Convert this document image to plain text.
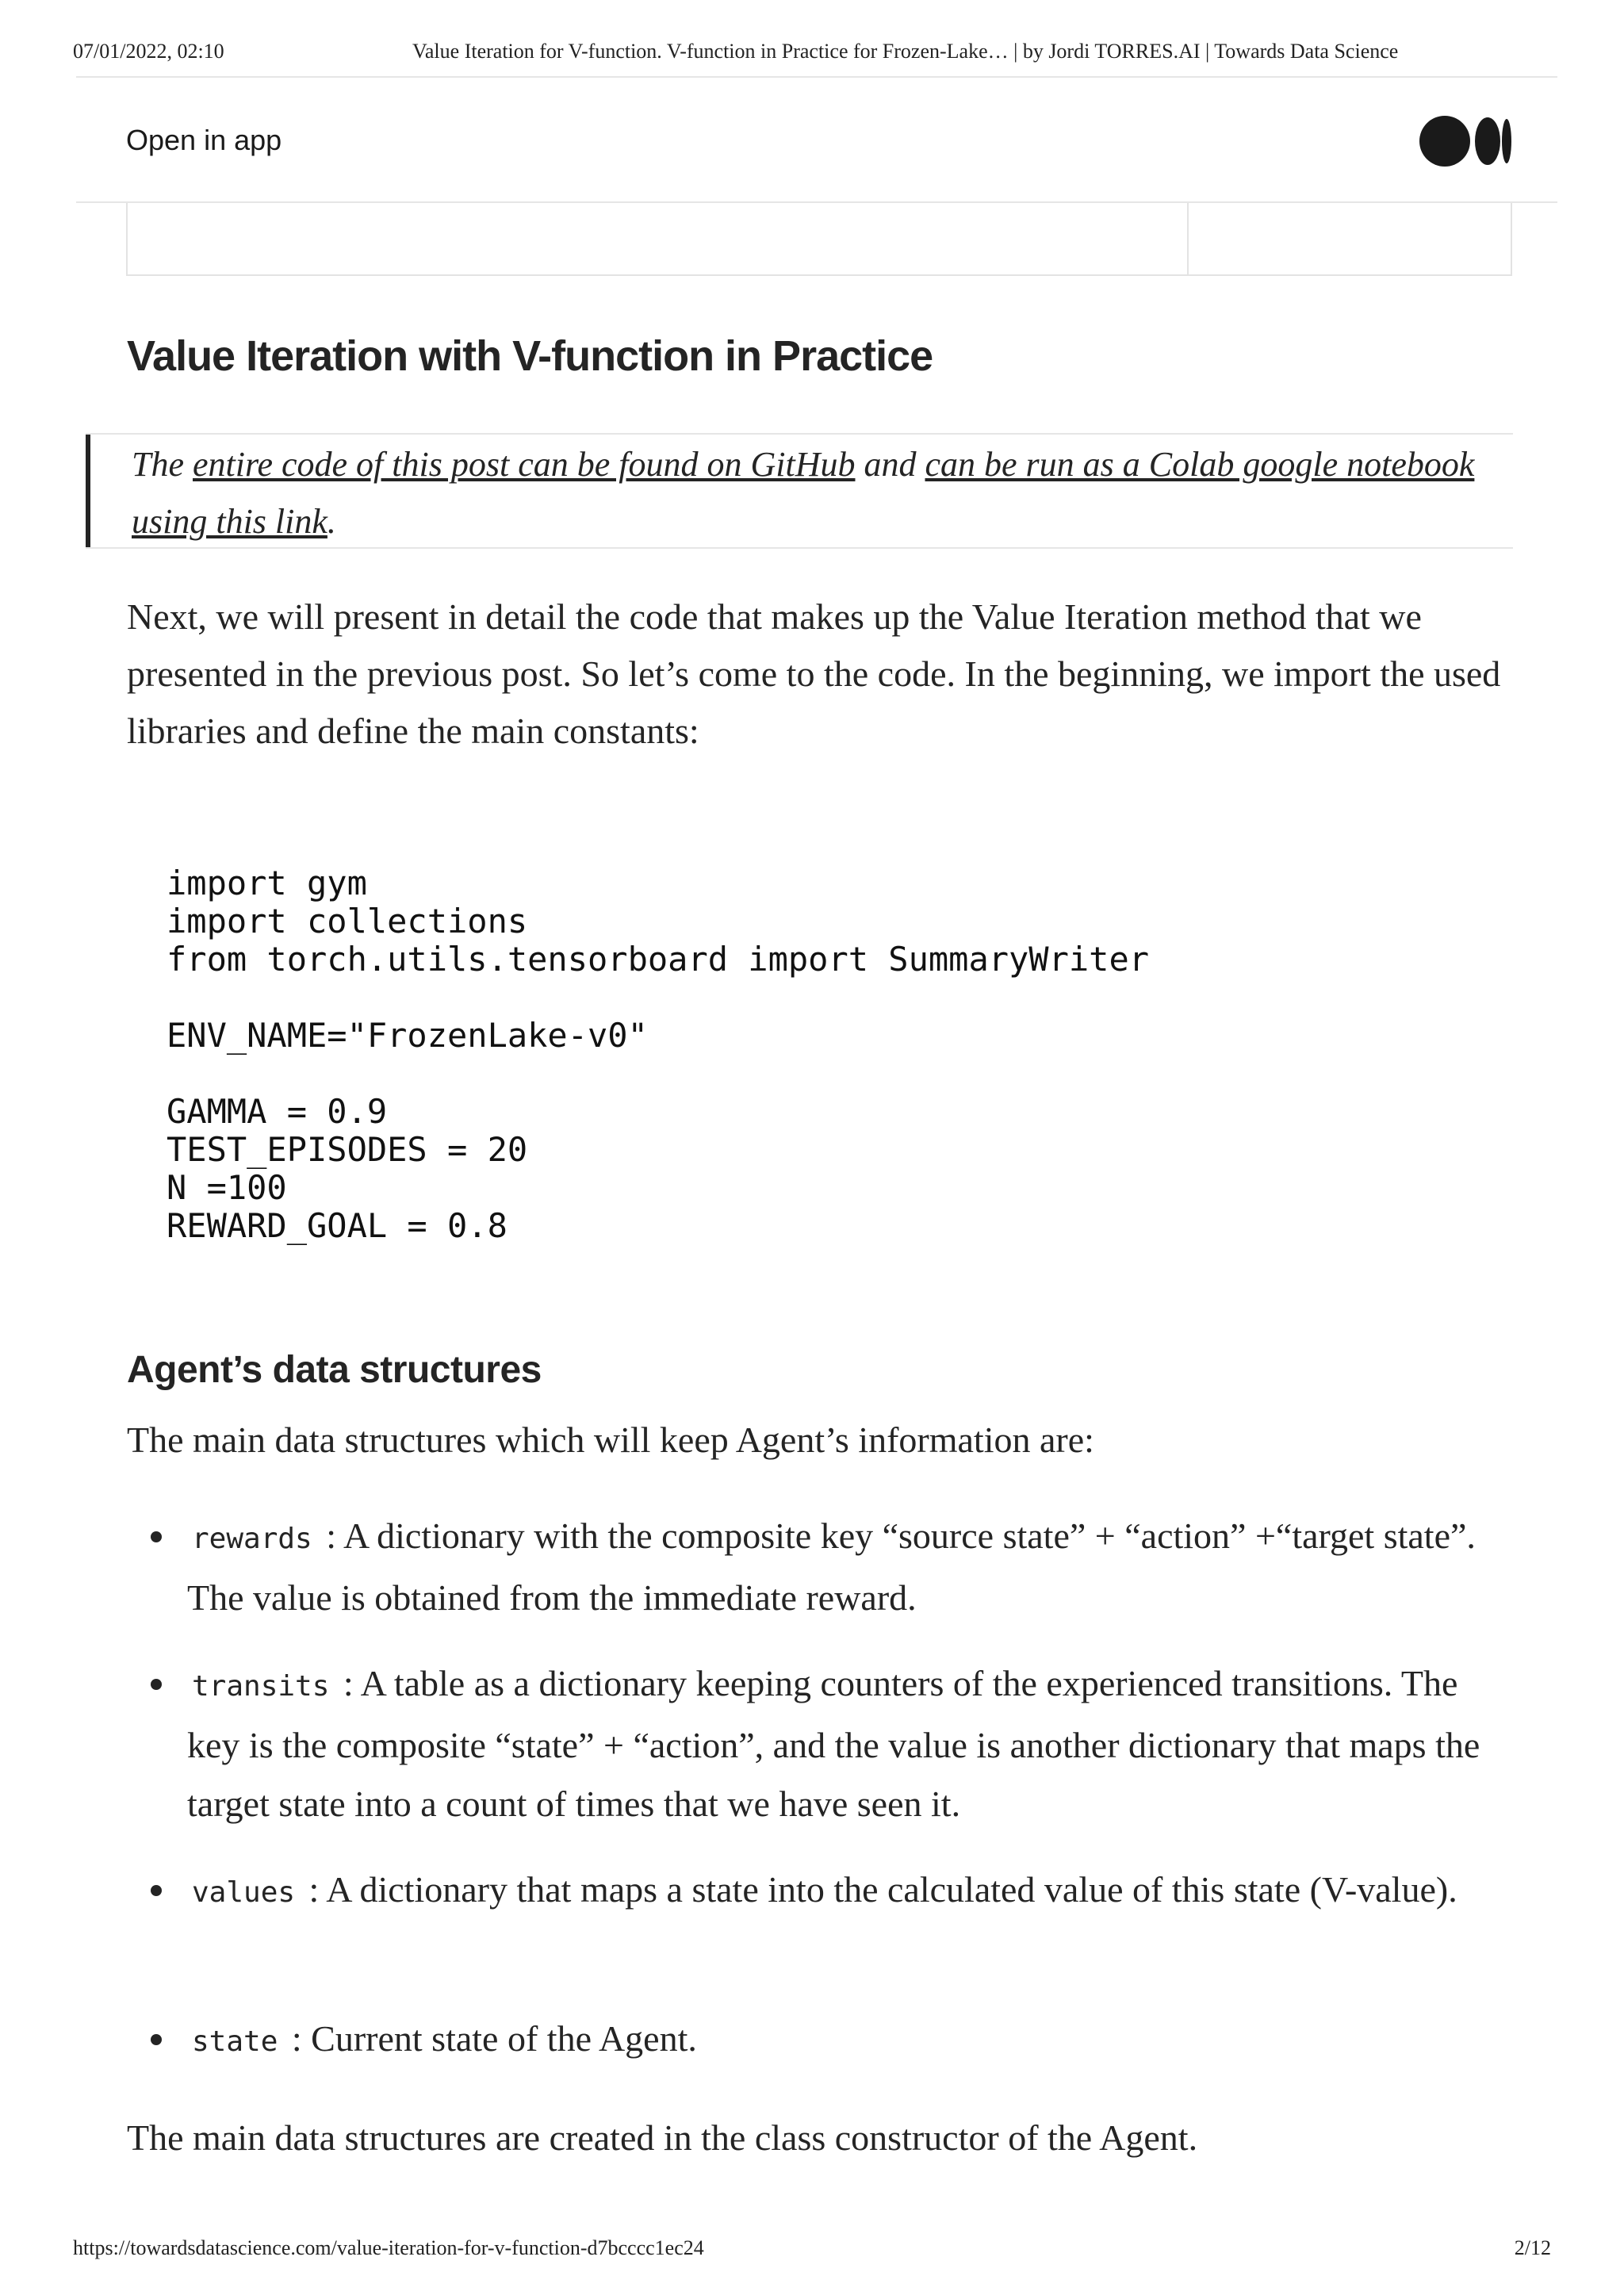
07/01/2022, 02:10	Value Iteration for V-function. V-function in Practice for Frozen-Lake… | by Jordi TORRES.AI | Towards Data Science
Open in app
Value Iteration with V-function in Practice

The entire code of this post can be found on GitHub and can be run as a Colab google notebook using this link.

Next, we will present in detail the code that makes up the Value Iteration method that we presented in the previous post. So let’s come to the code. In the beginning, we import the used libraries and define the main constants:

import gym
import collections
from torch.utils.tensorboard import SummaryWriter

ENV_NAME="FrozenLake-v0"

GAMMA = 0.9
TEST_EPISODES = 20
N =100
REWARD_GOAL = 0.8
Agent’s data structures

The main data structures which will keep Agent’s information are:

rewards : A dictionary with the composite key “source state” + “action” +“target state”. The value is obtained from the immediate reward.
transits : A table as a dictionary keeping counters of the experienced transitions. The key is the composite “state” + “action”, and the value is another dictionary that maps the target state into a count of times that we have seen it.
values : A dictionary that maps a state into the calculated value of this state (V-value).
state : Current state of the Agent.

The main data structures are created in the class constructor of the Agent.

https://towardsdatascience.com/value-iteration-for-v-function-d7bcccc1ec24	2/12
